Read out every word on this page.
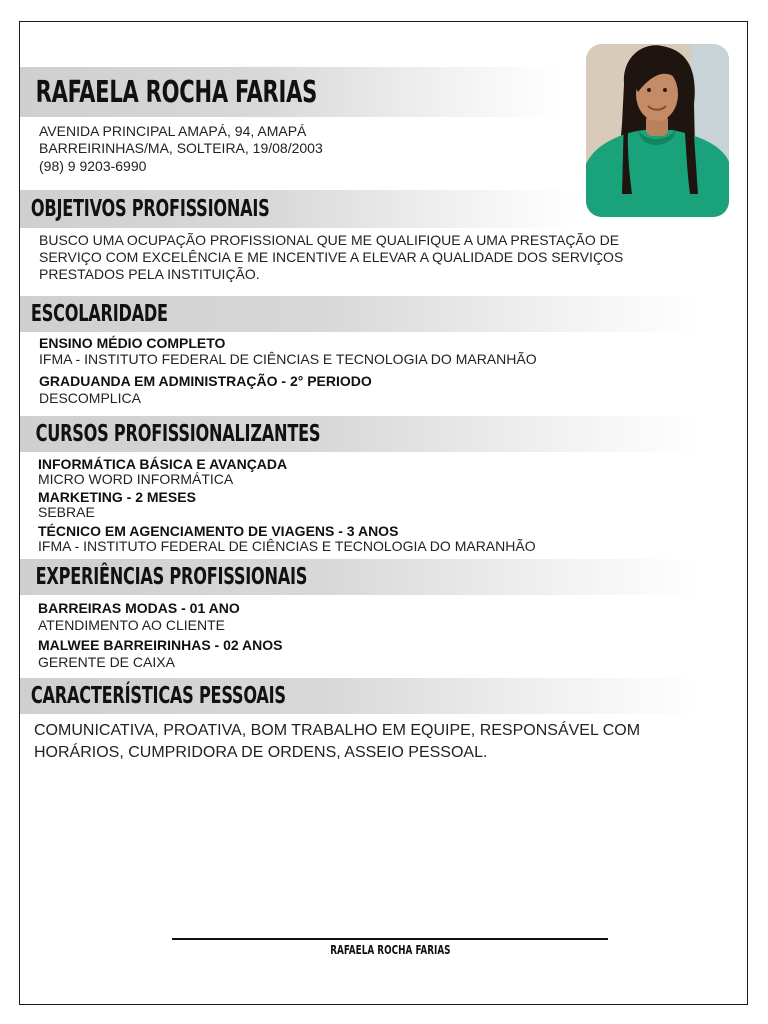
RAFAELA ROCHA FARIAS
AVENIDA PRINCIPAL AMAPÁ, 94, AMAPÁ
BARREIRINHAS/MA, SOLTEIRA, 19/08/2003
(98) 9 9203-6990
OBJETIVOS PROFISSIONAIS
BUSCO UMA OCUPAÇÃO PROFISSIONAL QUE ME QUALIFIQUE A UMA PRESTAÇÃO DE
SERVIÇO COM EXCELÊNCIA E ME INCENTIVE A ELEVAR A QUALIDADE DOS SERVIÇOS
PRESTADOS PELA INSTITUIÇÃO.
ESCOLARIDADE
ENSINO MÉDIO COMPLETO
IFMA - INSTITUTO FEDERAL DE CIÊNCIAS E TECNOLOGIA DO MARANHÃO
GRADUANDA EM ADMINISTRAÇÃO - 2° PERIODO
DESCOMPLICA
CURSOS PROFISSIONALIZANTES
INFORMÁTICA BÁSICA E AVANÇADA
MICRO WORD INFORMÁTICA
MARKETING - 2 MESES
SEBRAE
TÉCNICO EM AGENCIAMENTO DE VIAGENS - 3 ANOS
IFMA - INSTITUTO FEDERAL DE CIÊNCIAS E TECNOLOGIA DO MARANHÃO
EXPERIÊNCIAS PROFISSIONAIS
BARREIRAS MODAS - 01 ANO
ATENDIMENTO AO CLIENTE
MALWEE BARREIRINHAS - 02 ANOS
GERENTE DE CAIXA
CARACTERÍSTICAS PESSOAIS
COMUNICATIVA, PROATIVA, BOM TRABALHO EM EQUIPE, RESPONSÁVEL COM
HORÁRIOS, CUMPRIDORA DE ORDENS, ASSEIO PESSOAL.
RAFAELA ROCHA FARIAS
